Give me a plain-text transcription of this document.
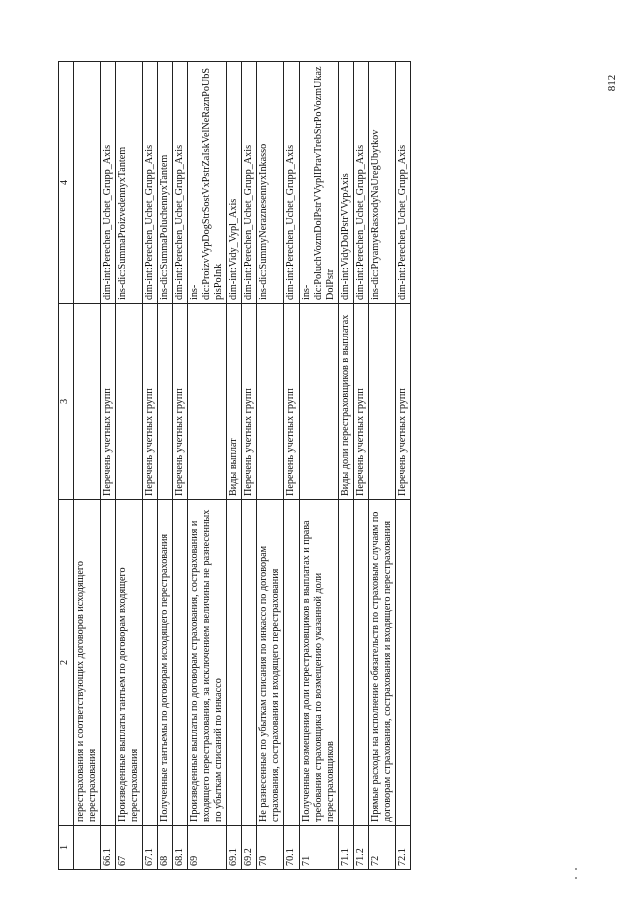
1	2	3	4
	перестрахования и соответствующих договоров исходящего перестрахования		
66.1		Перечень учетных групп	dim-int:Perechen_Uchet_Grupp_Axis
67	Произведенные выплаты тантьем по договорам входящего перестрахования		ins-dic:SummaProizvedennyxTantem
67.1		Перечень учетных групп	dim-int:Perechen_Uchet_Grupp_Axis
68	Полученные тантьемы по договорам исходящего перестрахования		ins-dic:SummaPoluchennyxTantem
68.1		Перечень учетных групп	dim-int:Perechen_Uchet_Grupp_Axis
69	Произведенные выплаты по договорам страхования, сострахования и входящего перестрахования, за исключением величины не разнесенных по убыткам списаний по инкассо		ins-dic:ProizvVypDogStrSostVxPstrZaIskVelNeRaznPoUbSpisPoInk
69.1		Виды выплат	dim-int:Vidy_Vypl_Axis
69.2		Перечень учетных групп	dim-int:Perechen_Uchet_Grupp_Axis
70	Не разнесенные по убыткам списания по инкассо по договорам страхования, сострахования и входящего перестрахования		ins-dic:SummyNeraznesennyxInkasso
70.1		Перечень учетных групп	dim-int:Perechen_Uchet_Grupp_Axis
71	Полученные возмещения доли перестраховщиков в выплатах и права требования страховщика по возмещению указанной доли перестраховщиков		ins-dic:PoluchVozmDolPstrVVyplIPravTrebStrPoVozmUkazDolPstr
71.1		Виды доли перестраховщиков в выплатах	dim-int:VidyDolPstrVVypAxis
71.2		Перечень учетных групп	dim-int:Perechen_Uchet_Grupp_Axis
72	Прямые расходы на исполнение обязательств по страховым случаям по договорам страхования, сострахования и входящего перестрахования		ins-dic:PryamyeRasxodyNaUregUbytkov
72.1		Перечень учетных групп	dim-int:Perechen_Uchet_Grupp_Axis
812
